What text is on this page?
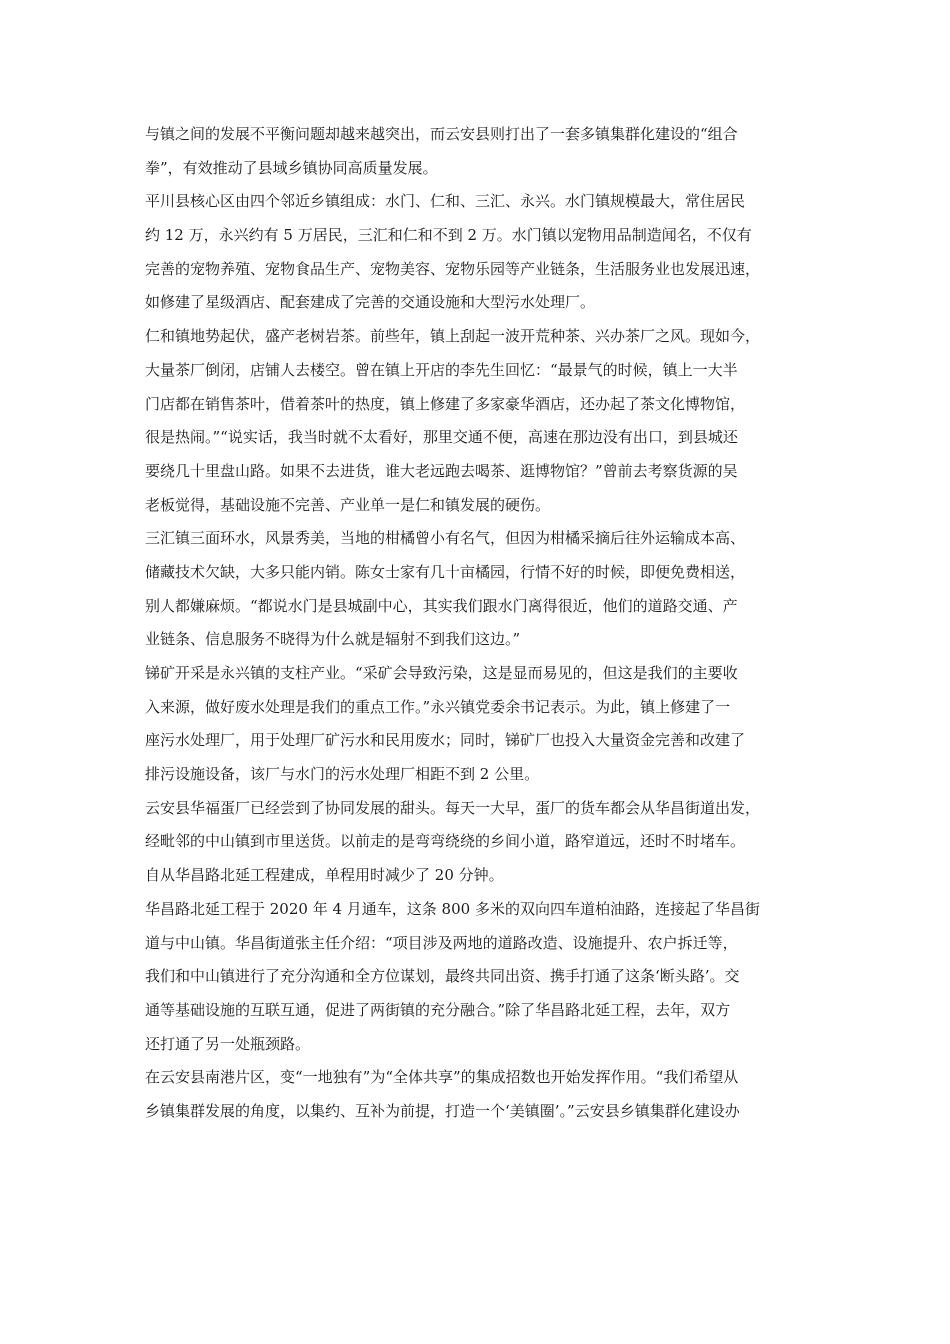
与镇之间的发展不平衡问题却越来越突出，而云安县则打出了一套多镇集群化建设的“组合
拳”，有效推动了县域乡镇协同高质量发展。
平川县核心区由四个邻近乡镇组成：水门、仁和、三汇、永兴。水门镇规模最大，常住居民
约 12 万，永兴约有 5 万居民，三汇和仁和不到 2 万。水门镇以宠物用品制造闻名，不仅有
完善的宠物养殖、宠物食品生产、宠物美容、宠物乐园等产业链条，生活服务业也发展迅速，
如修建了星级酒店、配套建成了完善的交通设施和大型污水处理厂。
仁和镇地势起伏，盛产老树岩茶。前些年，镇上刮起一波开荒种茶、兴办茶厂之风。现如今，
大量茶厂倒闭，店铺人去楼空。曾在镇上开店的李先生回忆：“最景气的时候，镇上一大半
门店都在销售茶叶，借着茶叶的热度，镇上修建了多家豪华酒店，还办起了茶文化博物馆，
很是热闹。”“说实话，我当时就不太看好，那里交通不便，高速在那边没有出口，到县城还
要绕几十里盘山路。如果不去进货，谁大老远跑去喝茶、逛博物馆？”曾前去考察货源的吴
老板觉得，基础设施不完善、产业单一是仁和镇发展的硬伤。
三汇镇三面环水，风景秀美，当地的柑橘曾小有名气，但因为柑橘采摘后往外运输成本高、
储藏技术欠缺，大多只能内销。陈女士家有几十亩橘园，行情不好的时候，即便免费相送，
别人都嫌麻烦。“都说水门是县城副中心，其实我们跟水门离得很近，他们的道路交通、产
业链条、信息服务不晓得为什么就是辐射不到我们这边。”
锑矿开采是永兴镇的支柱产业。“采矿会导致污染，这是显而易见的，但这是我们的主要收
入来源，做好废水处理是我们的重点工作。”永兴镇党委余书记表示。为此，镇上修建了一
座污水处理厂，用于处理厂矿污水和民用废水；同时，锑矿厂也投入大量资金完善和改建了
排污设施设备，该厂与水门的污水处理厂相距不到 2 公里。
云安县华福蛋厂已经尝到了协同发展的甜头。每天一大早，蛋厂的货车都会从华昌街道出发，
经毗邻的中山镇到市里送货。以前走的是弯弯绕绕的乡间小道，路窄道远，还时不时堵车。
自从华昌路北延工程建成，单程用时减少了 20 分钟。
华昌路北延工程于 2020 年 4 月通车，这条 800 多米的双向四车道柏油路，连接起了华昌街
道与中山镇。华昌街道张主任介绍：“项目涉及两地的道路改造、设施提升、农户拆迁等，
我们和中山镇进行了充分沟通和全方位谋划，最终共同出资、携手打通了这条‘断头路’。交
通等基础设施的互联互通，促进了两街镇的充分融合。”除了华昌路北延工程，去年，双方
还打通了另一处瓶颈路。
在云安县南港片区，变“一地独有”为“全体共享”的集成招数也开始发挥作用。“我们希望从
乡镇集群发展的角度，以集约、互补为前提，打造一个‘美镇圈’。”云安县乡镇集群化建设办
